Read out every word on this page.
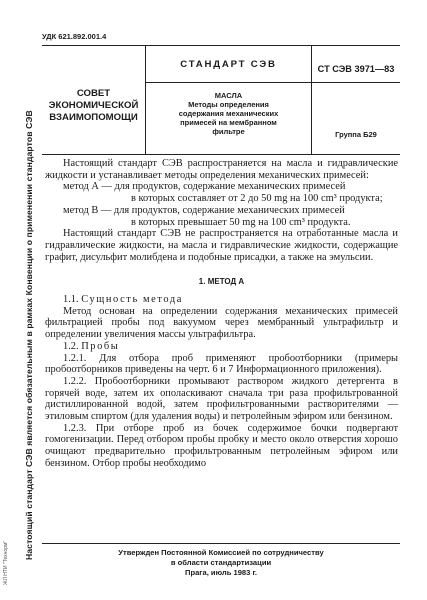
Настоящий стандарт СЭВ является обязательным в рамках Конвенции о применении стандартов СЭВ
ЖЛ НТИ "Технорм"
УДК 621.892.001.4
СОВЕТ
ЭКОНОМИЧЕСКОЙ
ВЗАИМОПОМОЩИ
СТАНДАРТ СЭВ	СТ СЭВ 3971—83
МАСЛА
Методы определения
содержания механических
примесей на мембранном
фильтре	Группа Б29

Настоящий стандарт СЭВ распространяется на масла и гидравлические жидкости и устанавливает методы определения механических примесей:

метод А — для продуктов, содержание механических примесей
в которых составляет от 2 до 50 mg на 100 cm³ продукта;

метод В — для продуктов, содержание механических примесей
в которых превышает 50 mg на 100 cm³ продукта.

Настоящий стандарт СЭВ не распространяется на отработанные масла и гидравлические жидкости, на масла и гидравлические жидкости, содержащие графит, дисульфит молибдена и подобные присадки, а также на эмульсии.

1. МЕТОД А

1.1. Сущность метода

Метод основан на определении содержания механических примесей фильтрацией пробы под вакуумом через мембранный ультрафильтр и определении увеличения массы ультрафильтра.

1.2. Пробы

1.2.1. Для отбора проб применяют пробоотборники (примеры пробоотборников приведены на черт. 6 и 7 Информационного приложения).

1.2.2. Пробоотборники промывают раствором жидкого детергента в горячей воде, затем их ополаскивают сначала три раза профильтрованной дистиллированной водой, затем профильтрованными растворителями — этиловым спиртом (для удаления воды) и петролейным эфиром или бензином.

1.2.3. При отборе проб из бочек содержимое бочки подвергают гомогенизации. Перед отбором пробы пробку и место около отверстия хорошо очищают предварительно профильтрованным петролейным эфиром или бензином. Отбор пробы необходимо

Утвержден Постоянной Комиссией по сотрудничеству
в области стандартизации
Прага, июль 1983 г.
